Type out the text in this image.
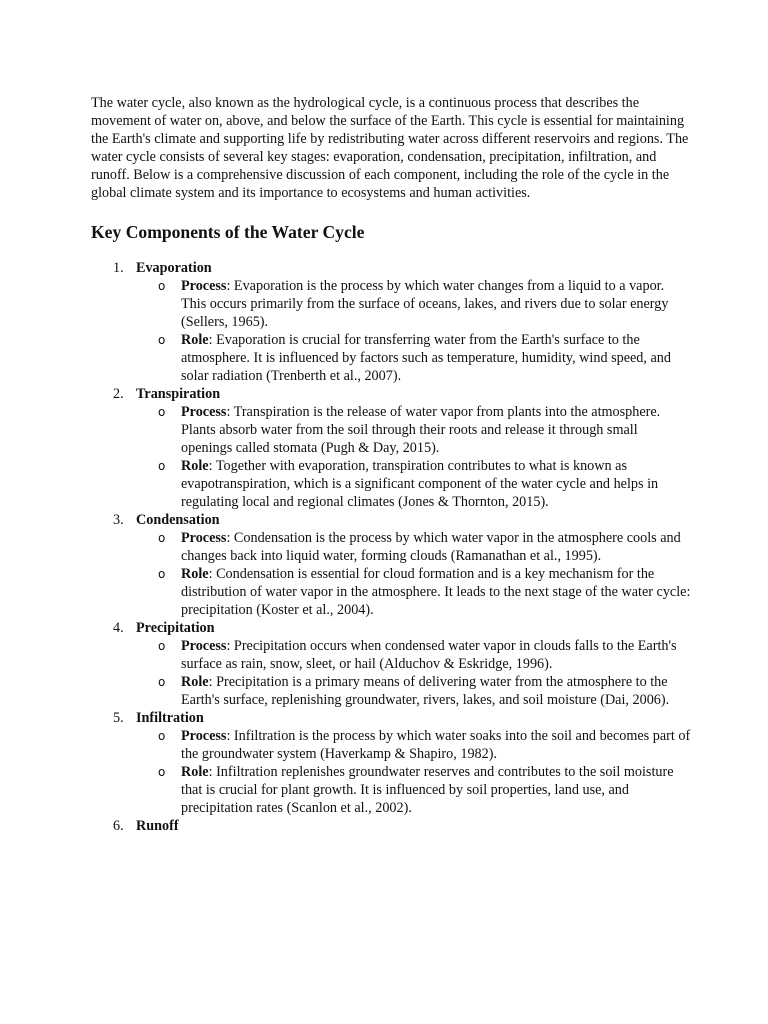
The water cycle, also known as the hydrological cycle, is a continuous process that describes the movement of water on, above, and below the surface of the Earth. This cycle is essential for maintaining the Earth's climate and supporting life by redistributing water across different reservoirs and regions. The water cycle consists of several key stages: evaporation, condensation, precipitation, infiltration, and runoff. Below is a comprehensive discussion of each component, including the role of the cycle in the global climate system and its importance to ecosystems and human activities.

Key Components of the Water Cycle
1. Evaporation
o Process: Evaporation is the process by which water changes from a liquid to a vapor. This occurs primarily from the surface of oceans, lakes, and rivers due to solar energy (Sellers, 1965).
o Role: Evaporation is crucial for transferring water from the Earth's surface to the atmosphere. It is influenced by factors such as temperature, humidity, wind speed, and solar radiation (Trenberth et al., 2007).
2. Transpiration
o Process: Transpiration is the release of water vapor from plants into the atmosphere. Plants absorb water from the soil through their roots and release it through small openings called stomata (Pugh & Day, 2015).
o Role: Together with evaporation, transpiration contributes to what is known as evapotranspiration, which is a significant component of the water cycle and helps in regulating local and regional climates (Jones & Thornton, 2015).
3. Condensation
o Process: Condensation is the process by which water vapor in the atmosphere cools and changes back into liquid water, forming clouds (Ramanathan et al., 1995).
o Role: Condensation is essential for cloud formation and is a key mechanism for the distribution of water vapor in the atmosphere. It leads to the next stage of the water cycle: precipitation (Koster et al., 2004).
4. Precipitation
o Process: Precipitation occurs when condensed water vapor in clouds falls to the Earth's surface as rain, snow, sleet, or hail (Alduchov & Eskridge, 1996).
o Role: Precipitation is a primary means of delivering water from the atmosphere to the Earth's surface, replenishing groundwater, rivers, lakes, and soil moisture (Dai, 2006).
5. Infiltration
o Process: Infiltration is the process by which water soaks into the soil and becomes part of the groundwater system (Haverkamp & Shapiro, 1982).
o Role: Infiltration replenishes groundwater reserves and contributes to the soil moisture that is crucial for plant growth. It is influenced by soil properties, land use, and precipitation rates (Scanlon et al., 2002).
6. Runoff
